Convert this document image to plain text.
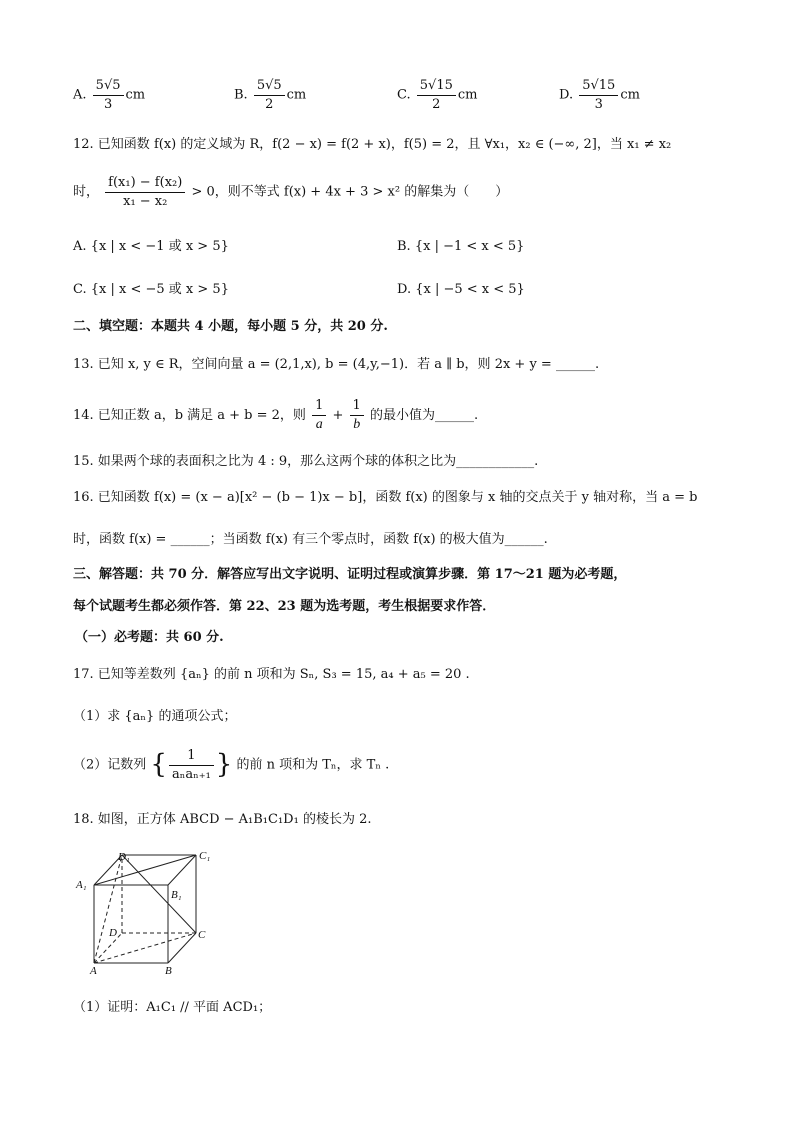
A. $\frac{5√5}{3}$ cm	B. $\frac{5√5}{2}$ cm	C. $\frac{5√15}{2}$ cm	D. $\frac{5√15}{3}$ cm
12. 已知函数 f(x) 的定义域为 R，f(2 − x) = f(2 + x)，f(5) = 2，且 ∀x₁，x₂ ∈ (−∞, 2]，当 x₁ ≠ x₂
时， $\frac{\text{f(x₁) − f(x₂)}}{\text{x₁ − x₂}} > 0$，则不等式 f(x) + 4x + 3 > x² 的解集为（　　）
A. {x | x < −1 或 x > 5}	B. {x | −1 < x < 5}
C. {x | x < −5 或 x > 5}	D. {x | −5 < x < 5}
二、填空题：本题共 4 小题，每小题 5 分，共 20 分.
13. 已知 x, y ∈ R，空间向量 a = (2,1,x), b = (4,y,−1)．若 a ∥ b，则 2x + y = ______.
14. 已知正数 a，b 满足 a + b = 2，则 $\frac{1}{a} + \frac{1}{b}$ 的最小值为______.
15. 如果两个球的表面积之比为 4 : 9，那么这两个球的体积之比为____________.
16. 已知函数 f(x) = (x − a)[x² − (b − 1)x − b]，函数 f(x) 的图象与 x 轴的交点关于 y 轴对称，当 a = b
时，函数 f(x) = ______；当函数 f(x) 有三个零点时，函数 f(x) 的极大值为______.
三、解答题：共 70 分．解答应写出文字说明、证明过程或演算步骤．第 17～21 题为必考题，
每个试题考生都必须作答．第 22、23 题为选考题，考生根据要求作答．
（一）必考题：共 60 分.
17. 已知等差数列 {aₙ} 的前 n 项和为 Sₙ, S₃ = 15, a₄ + a₅ = 20 .
（1）求 {aₙ} 的通项公式；
（2）记数列 { $\frac{1}{\text{aₙaₙ₊₁}}$ } 的前 n 项和为 Tₙ，求 Tₙ .
18. 如图，正方体 ABCD − A₁B₁C₁D₁ 的棱长为 2.
D₁	C₁
A₁
B₁
D	C
A	B
（1）证明：A₁C₁ // 平面 ACD₁；
